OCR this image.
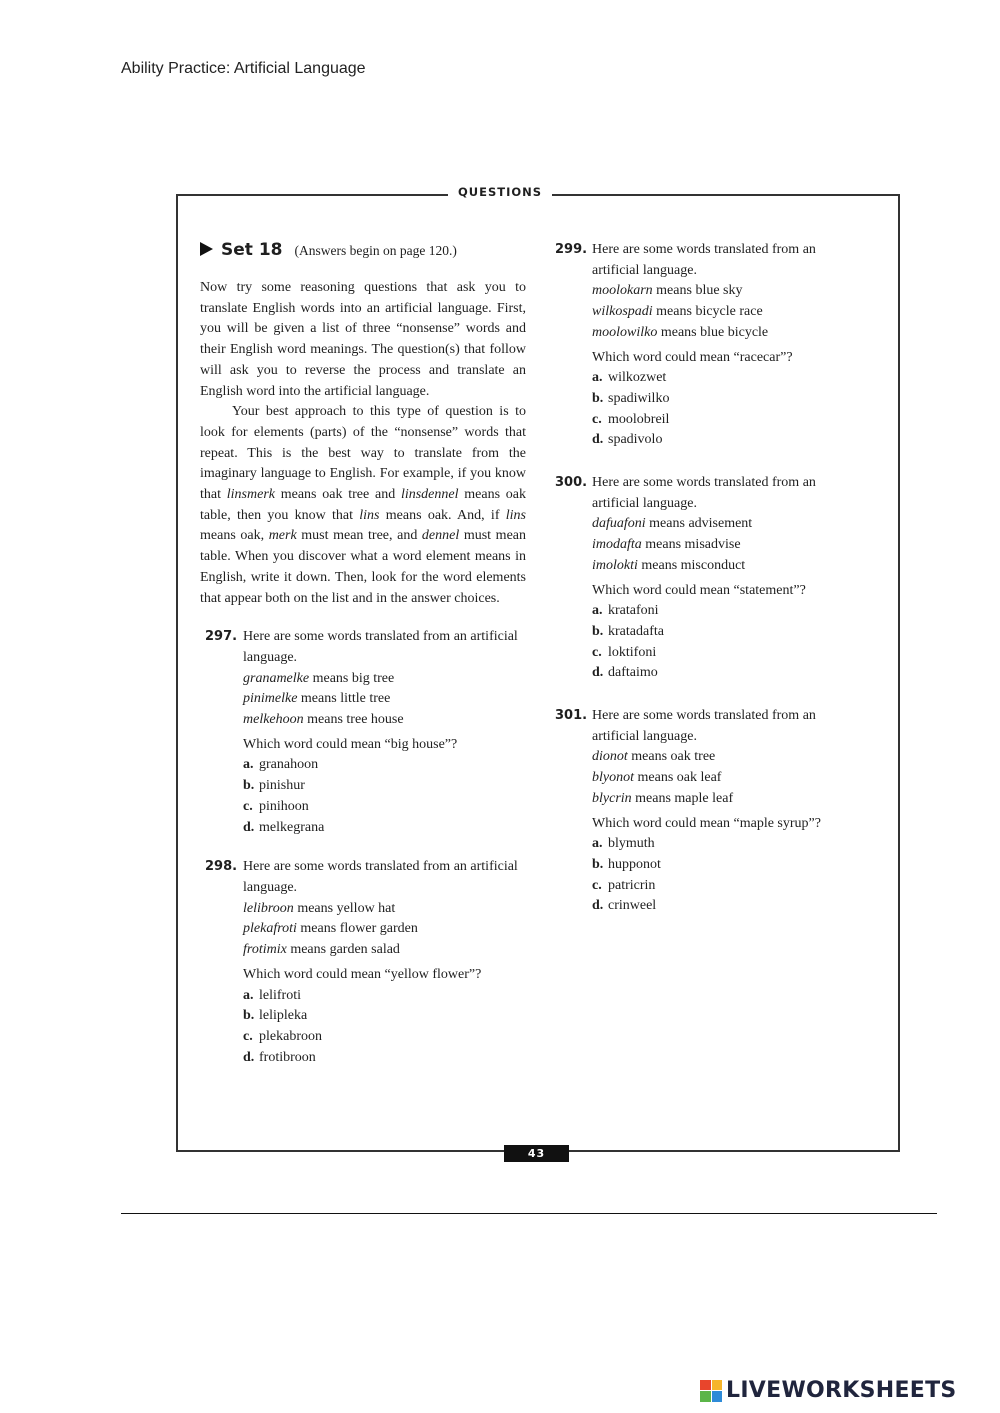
Ability Practice: Artificial Language
QUESTIONS
43
Set 18 (Answers begin on page 120.)

Now try some reasoning questions that ask you to translate English words into an artificial language. First, you will be given a list of three “nonsense” words and their English word meanings. The question(s) that follow will ask you to reverse the process and translate an English word into the artificial language.

Your best approach to this type of question is to look for elements (parts) of the “nonsense” words that repeat. This is the best way to translate from the imaginary language to English. For example, if you know that linsmerk means oak tree and linsdennel means oak table, then you know that lins means oak. And, if lins means oak, merk must mean tree, and dennel must mean table. When you discover what a word element means in English, write it down. Then, look for the word elements that appear both on the list and in the answer choices.

297. Here are some words translated from an artificial language.
granamelke means big tree
pinimelke means little tree
melkehoon means tree house
Which word could mean “big house”?
a. granahoon
b. pinishur
c. pinihoon
d. melkegrana
298. Here are some words translated from an artificial language.
lelibroon means yellow hat
plekafroti means flower garden
frotimix means garden salad
Which word could mean “yellow flower”?
a. lelifroti
b. lelipleka
c. plekabroon
d. frotibroon
299. Here are some words translated from an artificial language.
moolokarn means blue sky
wilkospadi means bicycle race
moolowilko means blue bicycle
Which word could mean “racecar”?
a. wilkozwet
b. spadiwilko
c. moolobreil
d. spadivolo
300. Here are some words translated from an artificial language.
dafuafoni means advisement
imodafta means misadvise
imolokti means misconduct
Which word could mean “statement”?
a. kratafoni
b. kratadafta
c. loktifoni
d. daftaimo
301. Here are some words translated from an artificial language.
dionot means oak tree
blyonot means oak leaf
blycrin means maple leaf
Which word could mean “maple syrup”?
a. blymuth
b. hupponot
c. patricrin
d. crinweel
LIVEWORKSHEETS
